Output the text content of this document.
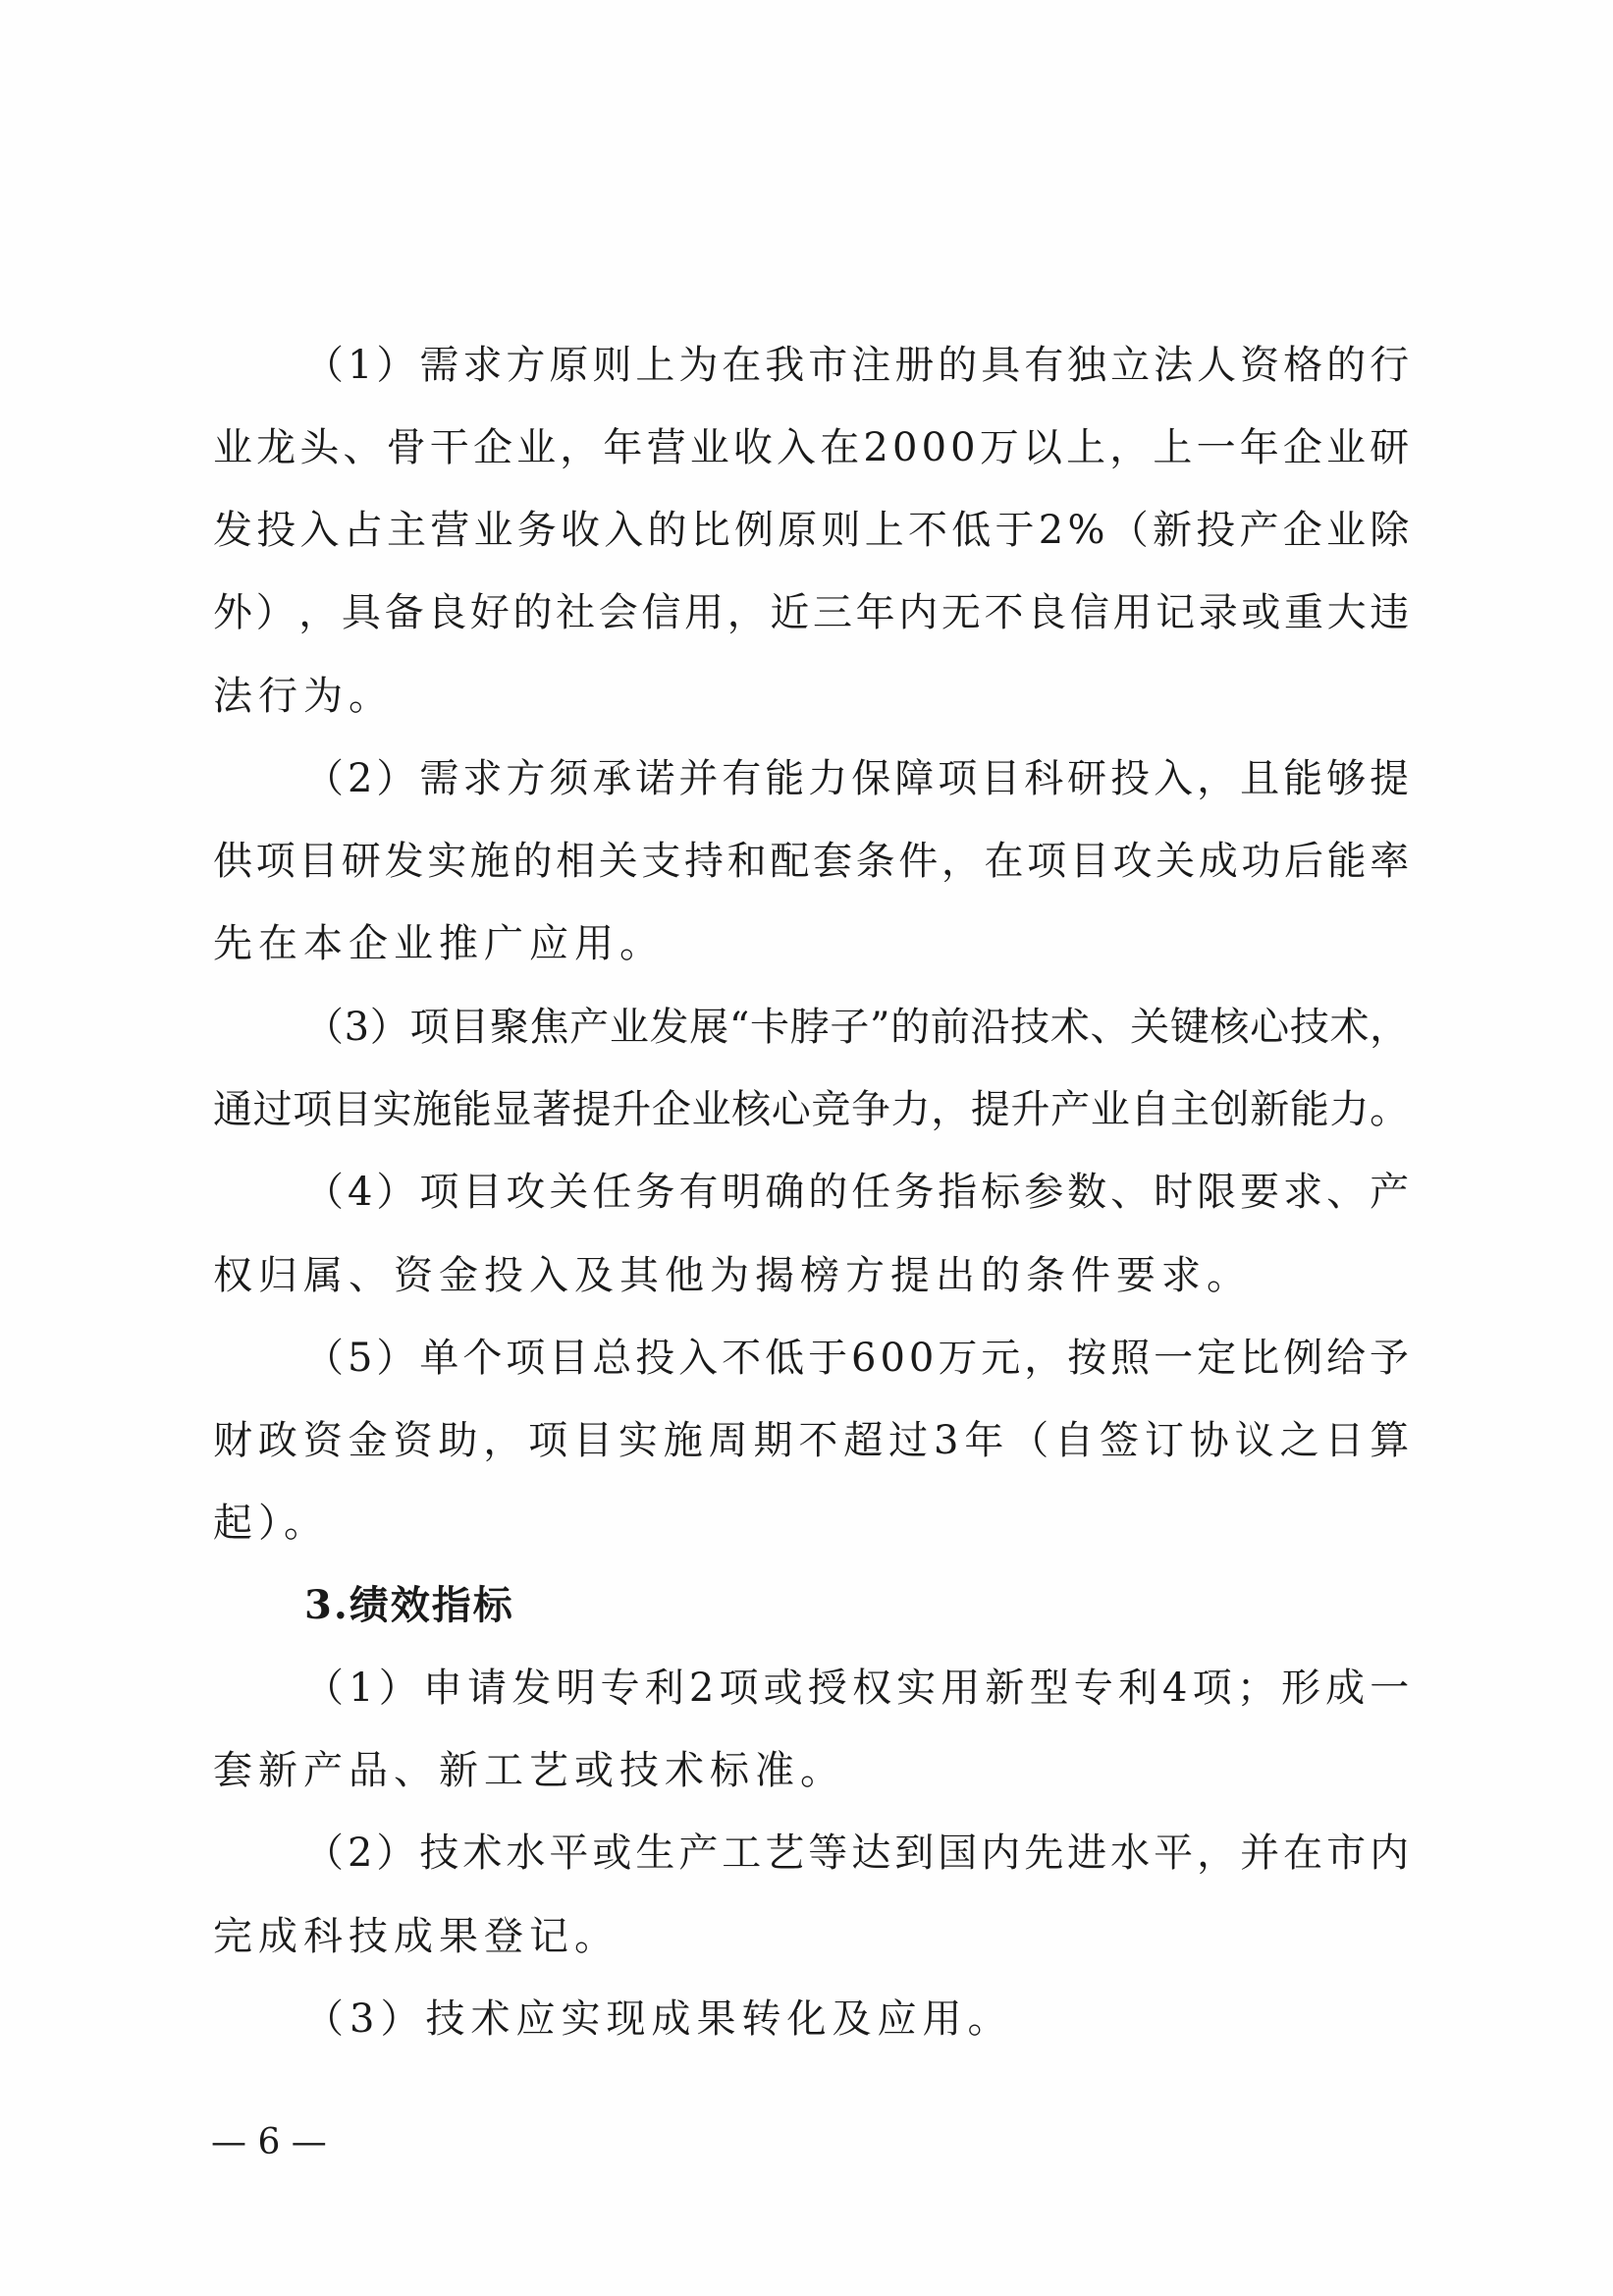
（ 1 ） 需 求 方 原 则 上 为 在 我 市 注 册 的 具 有 独 立 法 人 资 格 的 行
业 龙 头 、 骨 干 企 业 ， 年 营 业 收 入 在 2 0 0 0 万 以 上 ， 上 一 年 企 业 研
发 投 入 占 主 营 业 务 收 入 的 比 例 原 则 上 不 低 于 2 % （ 新 投 产 企 业 除
外 ） ， 具 备 良 好 的 社 会 信 用 ， 近 三 年 内 无 不 良 信 用 记 录 或 重 大 违
法行为。
（ 2 ） 需 求 方 须 承 诺 并 有 能 力 保 障 项 目 科 研 投 入 ， 且 能 够 提
供 项 目 研 发 实 施 的 相 关 支 持 和 配 套 条 件 ， 在 项 目 攻 关 成 功 后 能 率
先在本企业推广应用。
（ 3 ） 项 目 聚 焦 产 业 发 展 “ 卡 脖 子 ” 的 前 沿 技 术 、 关 键 核 心 技 术 ，
通 过 项 目 实 施 能 显 著 提 升 企 业 核 心 竞 争 力 ， 提 升 产 业 自 主 创 新 能 力 。
（ 4 ） 项 目 攻 关 任 务 有 明 确 的 任 务 指 标 参 数 、 时 限 要 求 、 产
权归属、资金投入及其他为揭榜方提出的条件要求。
（ 5 ） 单 个 项 目 总 投 入 不 低 于 6 0 0 万 元 ， 按 照 一 定 比 例 给 予
财 政 资 金 资 助 ， 项 目 实 施 周 期 不 超 过 3 年 （ 自 签 订 协 议 之 日 算
起）。
3.绩效指标
（ 1 ） 申 请 发 明 专 利 2 项 或 授 权 实 用 新 型 专 利 4 项 ； 形 成 一
套新产品、新工艺或技术标准。
（ 2 ） 技 术 水 平 或 生 产 工 艺 等 达 到 国 内 先 进 水 平 ， 并 在 市 内
完成科技成果登记。
（3）技术应实现成果转化及应用。
— 6 —
